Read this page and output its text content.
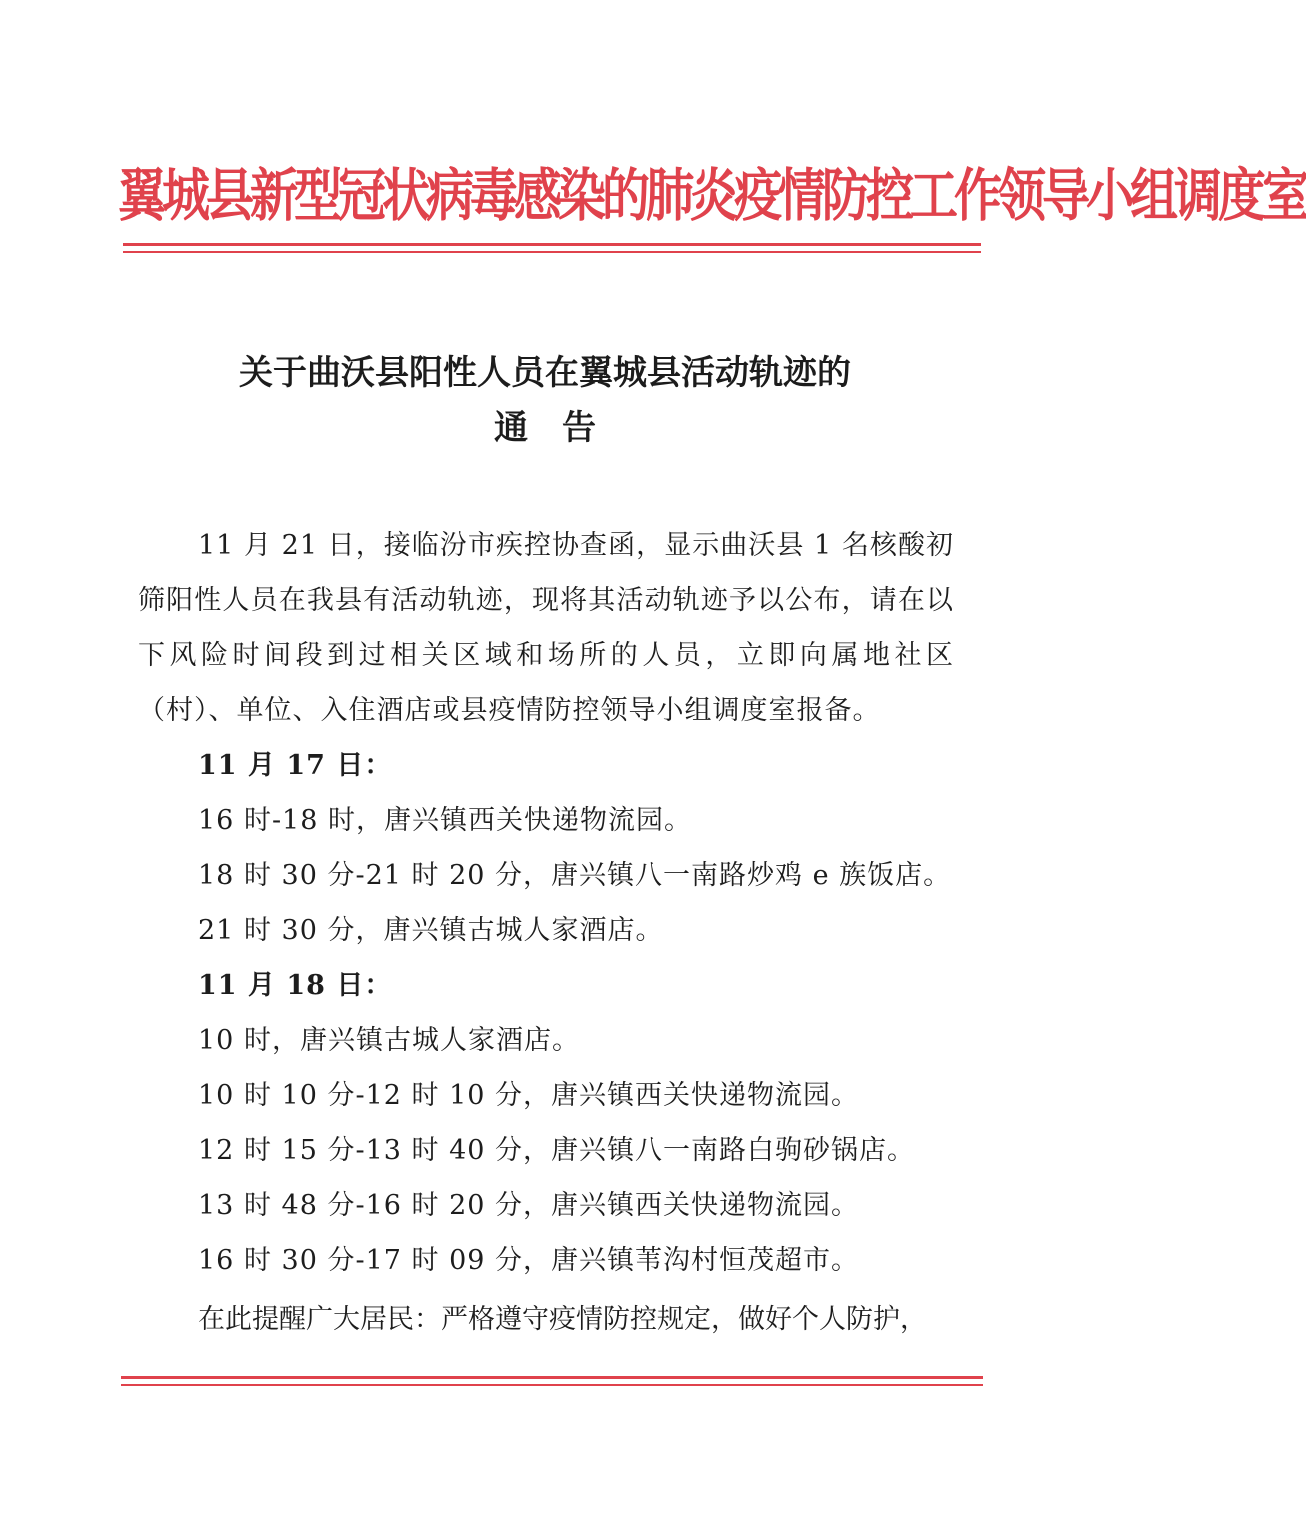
翼城县新型冠状病毒感染的肺炎疫情防控工作领导小组调度室
关于曲沃县阳性人员在翼城县活动轨迹的
通　告
11 月 21 日，接临汾市疾控协查函，显示曲沃县 1 名核酸初筛阳性人员在我县有活动轨迹，现将其活动轨迹予以公布，请在以下风险时间段到过相关区域和场所的人员，立即向属地社区（村）、单位、入住酒店或县疫情防控领导小组调度室报备。
11 月 17 日：
16 时-18 时，唐兴镇西关快递物流园。
18 时 30 分-21 时 20 分，唐兴镇八一南路炒鸡 e 族饭店。
21 时 30 分，唐兴镇古城人家酒店。
11 月 18 日：
10 时，唐兴镇古城人家酒店。
10 时 10 分-12 时 10 分，唐兴镇西关快递物流园。
12 时 15 分-13 时 40 分，唐兴镇八一南路白驹砂锅店。
13 时 48 分-16 时 20 分，唐兴镇西关快递物流园。
16 时 30 分-17 时 09 分，唐兴镇苇沟村恒茂超市。
在此提醒广大居民：严格遵守疫情防控规定，做好个人防护，
